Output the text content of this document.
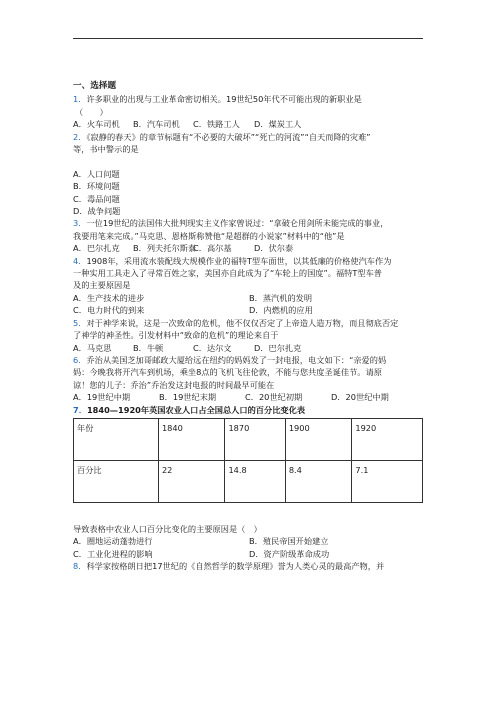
一、选择题
1．许多职业的出现与工业革命密切相关。19世纪50年代不可能出现的新职业是
（　　）
A．火车司机	B．汽车司机	C．铁路工人	D．煤炭工人
2．《寂静的春天》的章节标题有“不必要的大破坏”“死亡的河流”“自天而降的灾难”
等，书中警示的是
A．人口问题
B．环境问题
C．毒品问题
D．战争问题
3．一位19世纪的法国伟大批判现实主义作家曾说过：“拿破仑用剑所未能完成的事业，
我要用笔来完成。”马克思、恩格斯称赞他“是超群的小说家”材料中的“他”是
A．巴尔扎克	B．列夫托尔斯泰
C．高尔基	D．伏尔泰
4．1908年，采用流水装配线大规模作业的福特T型车面世，以其低廉的价格使汽车作为
一种实用工具走入了寻常百姓之家，美国亦自此成为了“车轮上的国度”。福特T型车普
及的主要原因是
A．生产技术的进步	B．蒸汽机的发明
C．电力时代的到来	D．内燃机的应用
5．对于神学来说，这是一次致命的危机，他不仅仅否定了上帝造人造万物，而且彻底否定
了神学的神圣性。引发材料中“致命的危机”的理论来自于
A．马克思	B．牛顿	C．达尔文	D．巴尔扎克
6．乔治从美国芝加哥邮政大厦给远在纽约的妈妈发了一封电报，电文如下：“亲爱的妈
妈：今晚我将开汽车到机场，乘坐8点的飞机飞往伦敦，不能与您共度圣诞佳节。请原
谅！您的儿子：乔治”乔治发这封电报的时间最早可能在
A．19世纪中期	B．19世纪末期	C．20世纪初期	D．20世纪中期
7．1840—1920年英国农业人口占全国总人口的百分比变化表
年份	1840	1870	1900	1920
百分比	22	14.8	8.4	7.1
导致表格中农业人口百分比变化的主要原因是（　）
A．圈地运动蓬勃进行	B．殖民帝国开始建立
C．工业化进程的影响	D．资产阶级革命成功
8．科学家按格朗日把17世纪的《自然哲学的数学原理》誉为人类心灵的最高产物，并
